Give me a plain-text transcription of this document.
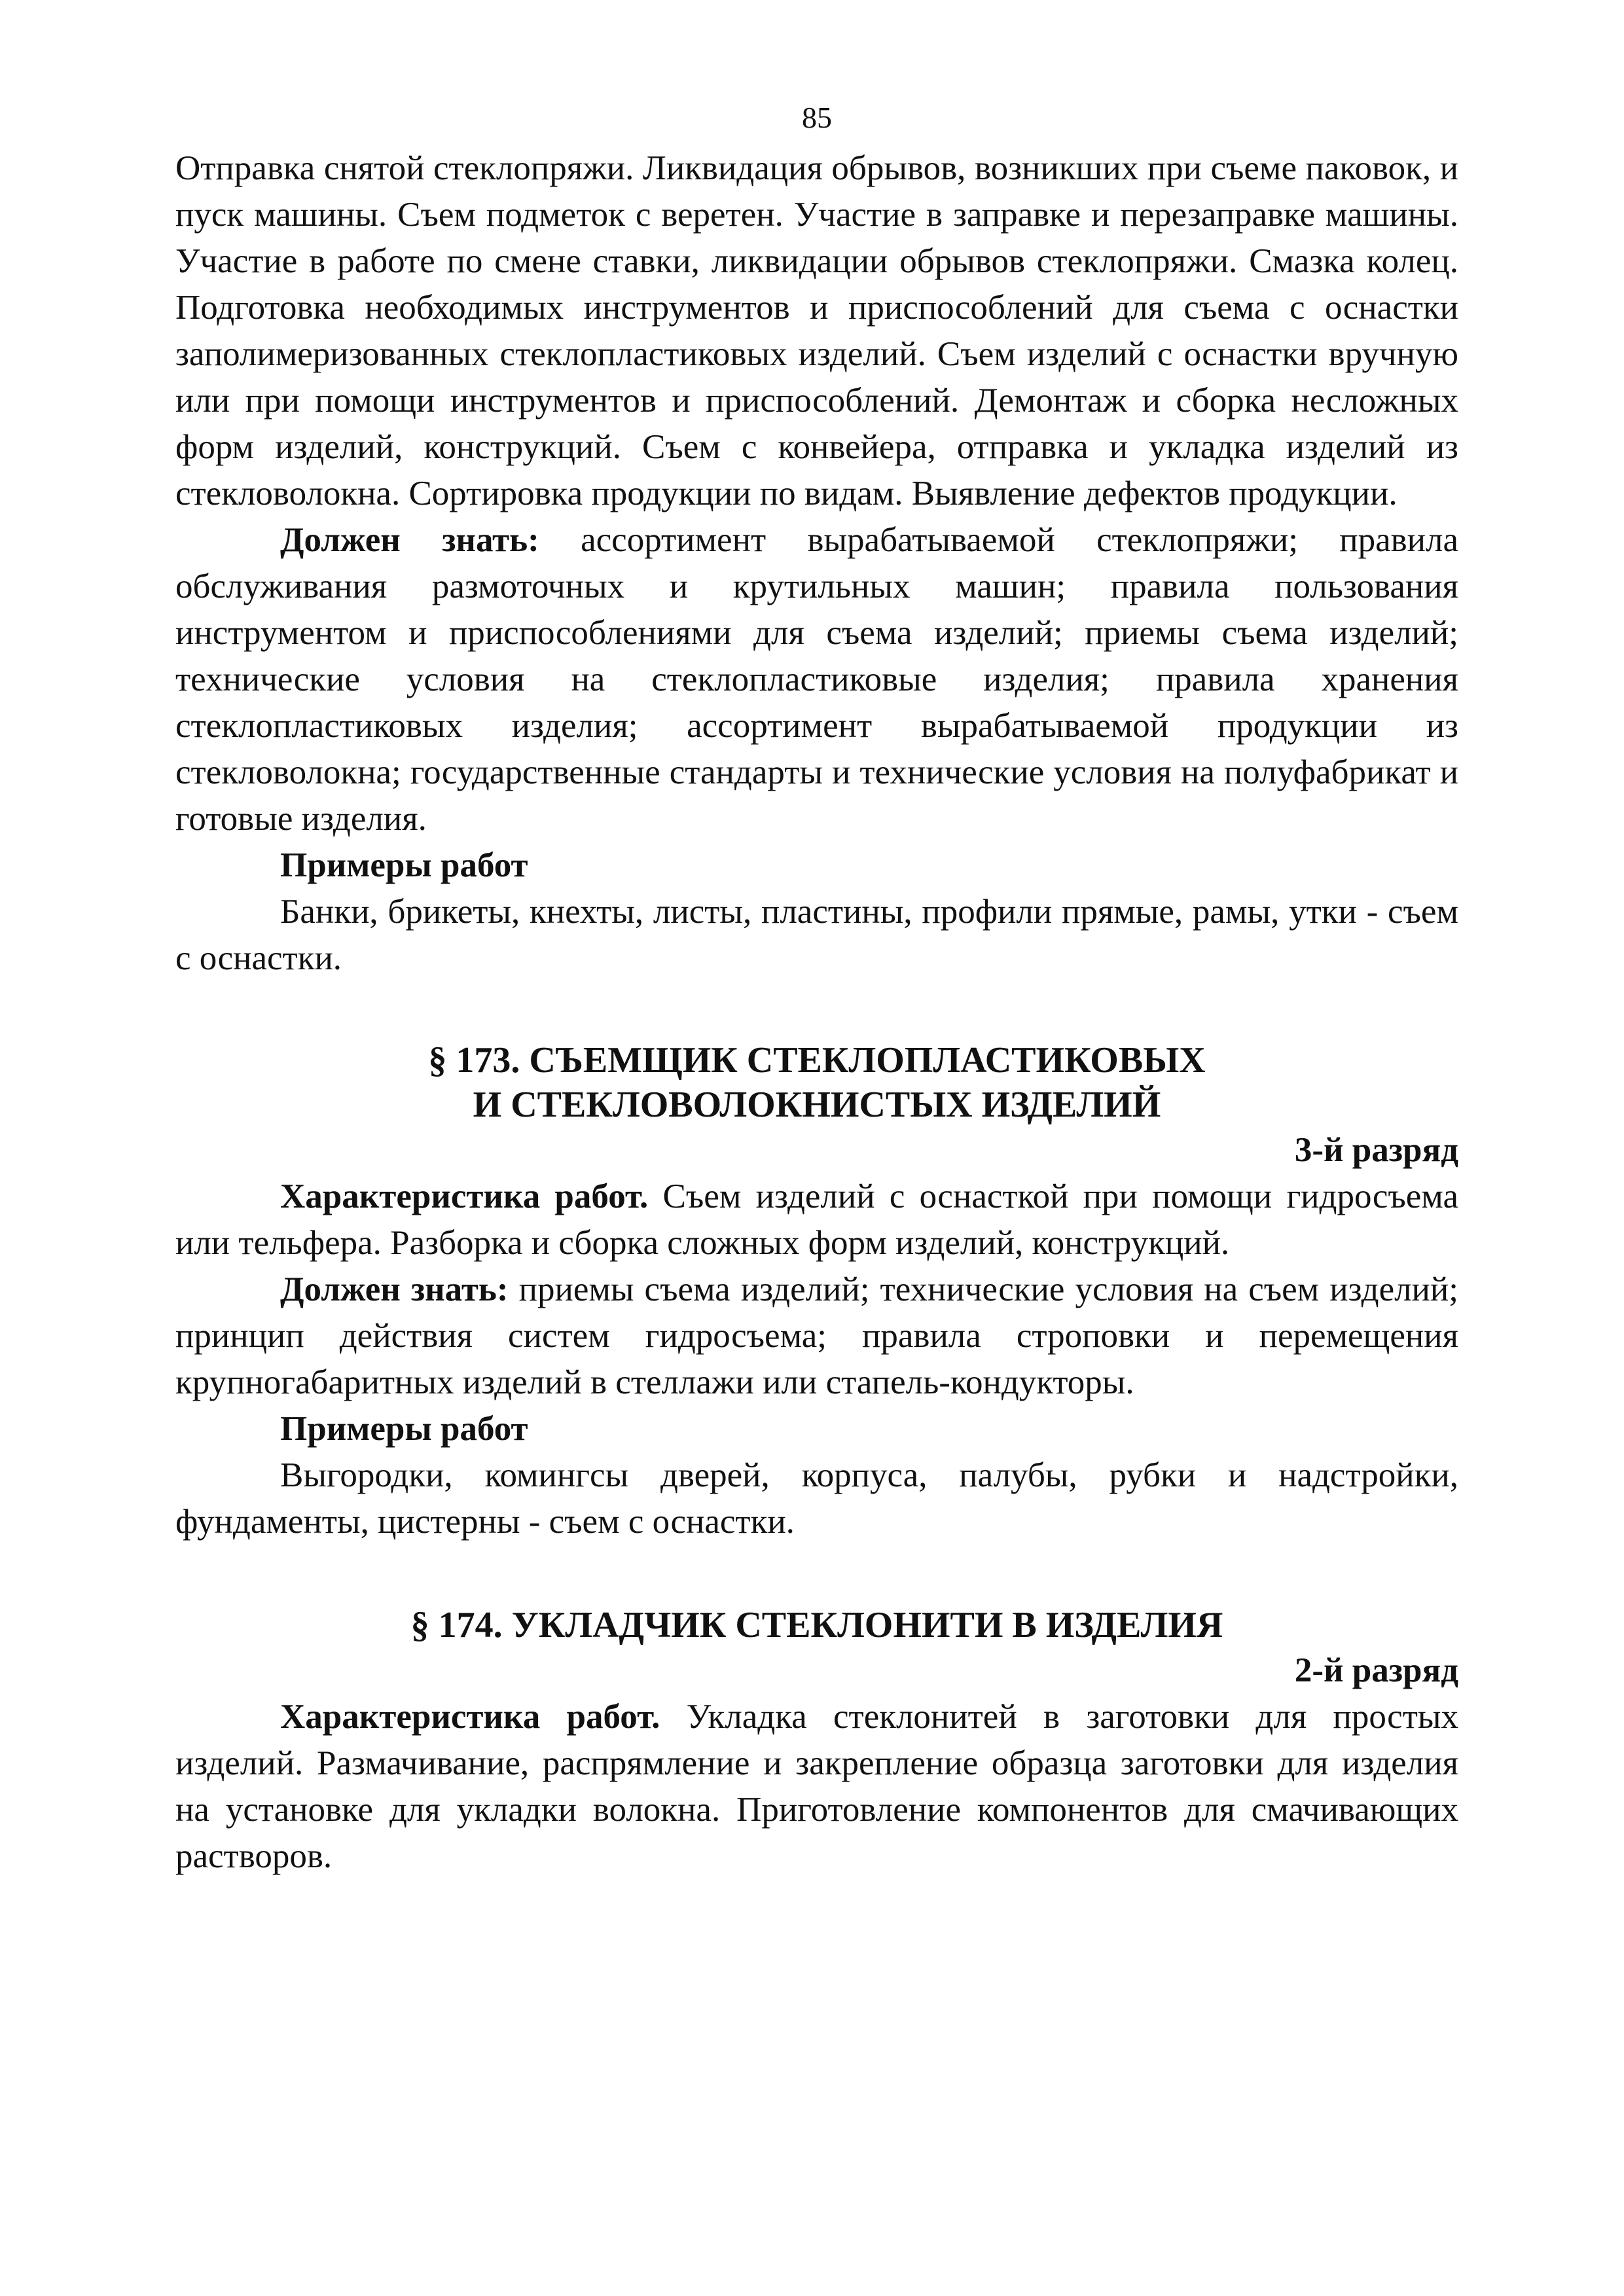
85

Отправка снятой стеклопряжи. Ликвидация обрывов, возникших при съеме паковок, и пуск машины. Съем подметок с веретен. Участие в заправке и перезаправке машины. Участие в работе по смене ставки, ликвидации обрывов стеклопряжи. Смазка колец. Подготовка необходимых инструментов и приспособлений для съема с оснастки заполимеризованных стеклопластиковых изделий. Съем изделий с оснастки вручную или при помощи инструментов и приспособлений. Демонтаж и сборка несложных форм изделий, конструкций. Съем с конвейера, отправка и укладка изделий из стекловолокна. Сортировка продукции по видам. Выявление дефектов продукции.

Должен знать: ассортимент вырабатываемой стеклопряжи; правила обслуживания размоточных и крутильных машин; правила пользования инструментом и приспособлениями для съема изделий; приемы съема изделий; технические условия на стеклопластиковые изделия; правила хранения стеклопластиковых изделия; ассортимент вырабатываемой продукции из стекловолокна; государственные стандарты и технические условия на полуфабрикат и готовые изделия.

Примеры работ

Банки, брикеты, кнехты, листы, пластины, профили прямые, рамы, утки - съем с оснастки.

§ 173. СЪЕМЩИК СТЕКЛОПЛАСТИКОВЫХ
И СТЕКЛОВОЛОКНИСТЫХ ИЗДЕЛИЙ

3-й разряд

Характеристика работ. Съем изделий с оснасткой при помощи гидросъема или тельфера. Разборка и сборка сложных форм изделий, конструкций.

Должен знать: приемы съема изделий; технические условия на съем изделий; принцип действия систем гидросъема; правила строповки и перемещения крупногабаритных изделий в стеллажи или стапель-кондукторы.

Примеры работ

Выгородки, комингсы дверей, корпуса, палубы, рубки и надстройки, фундаменты, цистерны - съем с оснастки.

§ 174. УКЛАДЧИК СТЕКЛОНИТИ В ИЗДЕЛИЯ

2-й разряд

Характеристика работ. Укладка стеклонитей в заготовки для простых изделий. Размачивание, распрямление и закрепление образца заготовки для изделия на установке для укладки волокна. Приготовление компонентов для смачивающих растворов.
